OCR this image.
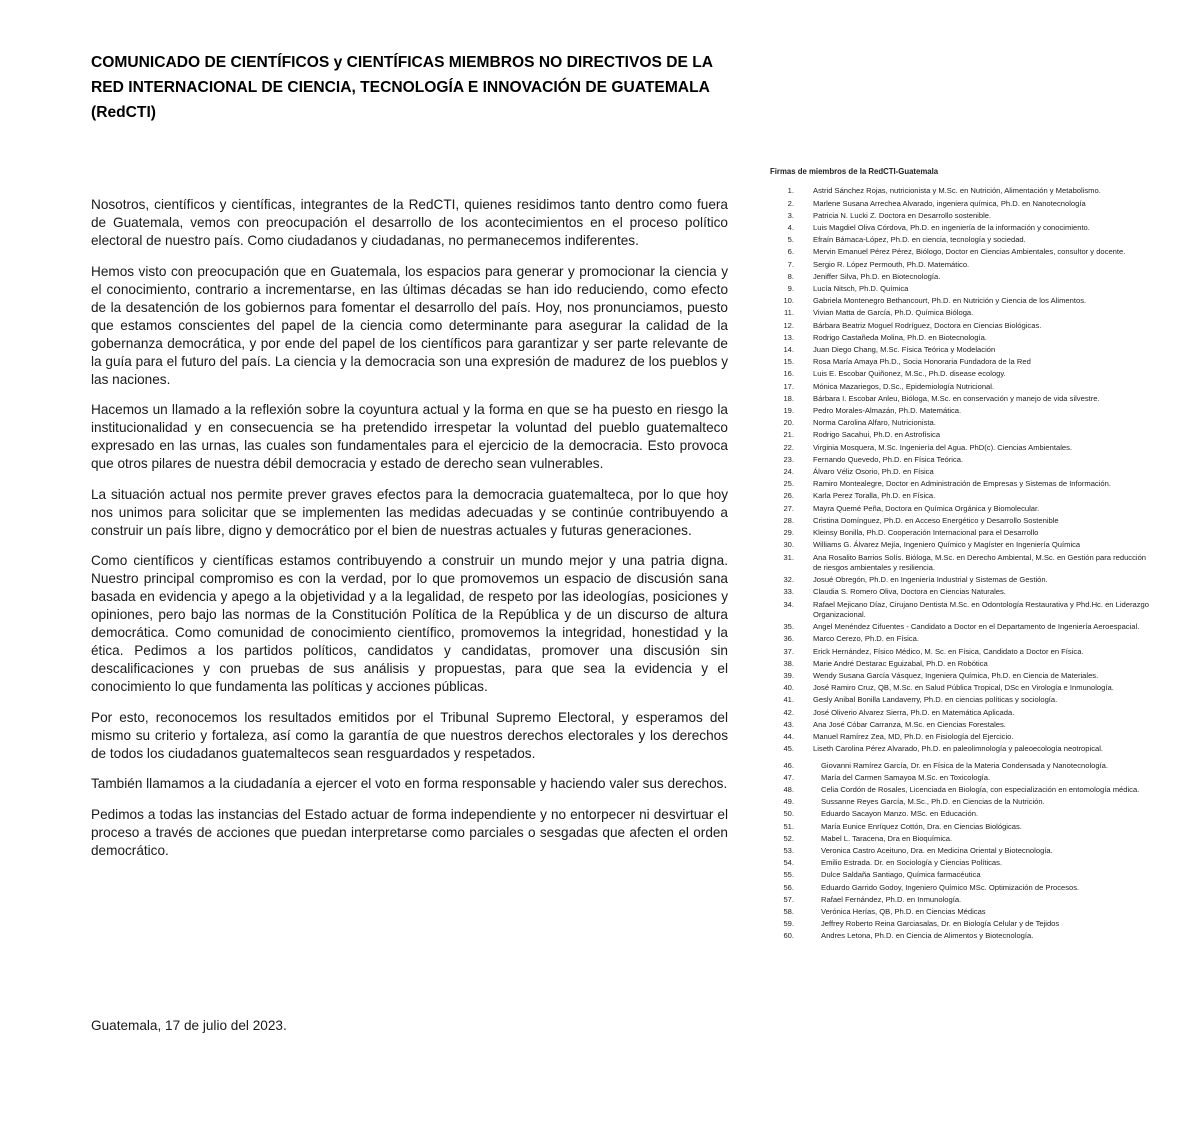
COMUNICADO DE CIENTÍFICOS y CIENTÍFICAS MIEMBROS NO DIRECTIVOS DE LA RED INTERNACIONAL DE CIENCIA, TECNOLOGÍA E INNOVACIÓN DE GUATEMALA (RedCTI)

Nosotros, científicos y científicas, integrantes de la RedCTI, quienes residimos tanto dentro como fuera de Guatemala, vemos con preocupación el desarrollo de los acontecimientos en el proceso político electoral de nuestro país. Como ciudadanos y ciudadanas, no permanecemos indiferentes.

Hemos visto con preocupación que en Guatemala, los espacios para generar y promocionar la ciencia y el conocimiento, contrario a incrementarse, en las últimas décadas se han ido reduciendo, como efecto de la desatención de los gobiernos para fomentar el desarrollo del país. Hoy, nos pronunciamos, puesto que estamos conscientes del papel de la ciencia como determinante para asegurar la calidad de la gobernanza democrática, y por ende del papel de los científicos para garantizar y ser parte relevante de la guía para el futuro del país. La ciencia y la democracia son una expresión de madurez de los pueblos y las naciones.

Hacemos un llamado a la reflexión sobre la coyuntura actual y la forma en que se ha puesto en riesgo la institucionalidad y en consecuencia se ha pretendido irrespetar la voluntad del pueblo guatemalteco expresado en las urnas, las cuales son fundamentales para el ejercicio de la democracia. Esto provoca que otros pilares de nuestra débil democracia y estado de derecho sean vulnerables.

La situación actual nos permite prever graves efectos para la democracia guatemalteca, por lo que hoy nos unimos para solicitar que se implementen las medidas adecuadas y se continúe contribuyendo a construir un país libre, digno y democrático por el bien de nuestras actuales y futuras generaciones.

Como científicos y científicas estamos contribuyendo a construir un mundo mejor y una patria digna. Nuestro principal compromiso es con la verdad, por lo que promovemos un espacio de discusión sana basada en evidencia y apego a la objetividad y a la legalidad, de respeto por las ideologías, posiciones y opiniones, pero bajo las normas de la Constitución Política de la República y de un discurso de altura democrática. Como comunidad de conocimiento científico, promovemos la integridad, honestidad y la ética. Pedimos a los partidos políticos, candidatos y candidatas, promover una discusión sin descalificaciones y con pruebas de sus análisis y propuestas, para que sea la evidencia y el conocimiento lo que fundamenta las políticas y acciones públicas.

Por esto, reconocemos los resultados emitidos por el Tribunal Supremo Electoral, y esperamos del mismo su criterio y fortaleza, así como la garantía de que nuestros derechos electorales y los derechos de todos los ciudadanos guatemaltecos sean resguardados y respetados.

También llamamos a la ciudadanía a ejercer el voto en forma responsable y haciendo valer sus derechos.

Pedimos a todas las instancias del Estado actuar de forma independiente y no entorpecer ni desvirtuar el proceso a través de acciones que puedan interpretarse como parciales o sesgadas que afecten el orden democrático.

Guatemala, 17 de julio del 2023.

Firmas de miembros de la RedCTI-Guatemala

1.	Astrid Sánchez Rojas, nutricionista y M.Sc. en Nutrición, Alimentación y Metabolismo.
2.	Marlene Susana Arrechea Alvarado, ingeniera química, Ph.D. en Nanotecnología
3.	Patricia N. Lucki Z. Doctora en Desarrollo sostenible.
4.	Luis Magdiel Oliva Córdova, Ph.D. en ingeniería de la información y conocimiento.
5.	Efraín Bámaca-López, Ph.D. en ciencia, tecnología y sociedad.
6.	Mervin Emanuel Pérez Pérez, Biólogo, Doctor en Ciencias Ambientales, consultor y docente.
7.	Sergio R. López Permouth, Ph.D. Matemático.
8.	Jeniffer Silva, Ph.D. en Biotecnología.
9.	Lucía Nitsch, Ph.D. Química
10.	Gabriela Montenegro Bethancourt, Ph.D. en Nutrición y Ciencia de los Alimentos.
11.	Vivian Matta de García, Ph.D. Química Bióloga.
12.	Bárbara Beatriz Moguel Rodríguez, Doctora en Ciencias Biológicas.
13.	Rodrigo Castañeda Molina, Ph.D. en Biotecnología.
14.	Juan Diego Chang, M.Sc. Física Teórica y Modelación
15.	Rosa María Amaya Ph.D., Socia Honoraria Fundadora de la Red
16.	Luis E. Escobar Quiñonez, M.Sc., Ph.D. disease ecology.
17.	Mónica Mazariegos, D.Sc., Epidemiología Nutricional.
18.	Bárbara I. Escobar Anleu, Bióloga, M.Sc. en conservación y manejo de vida silvestre.
19.	Pedro Morales-Almazán, Ph.D. Matemática.
20.	Norma Carolina Alfaro, Nutricionista.
21.	Rodrigo Sacahui, Ph.D. en Astrofísica
22.	Virginia Mosquera, M.Sc. Ingeniería del Agua. PhD(c). Ciencias Ambientales.
23.	Fernando Quevedo, Ph.D. en Física Teórica.
24.	Álvaro Véliz Osorio, Ph.D. en Física
25.	Ramiro Montealegre, Doctor en Administración de Empresas y Sistemas de Información.
26.	Karla Perez Toralla, Ph.D. en Física.
27.	Mayra Quemé Peña, Doctora en Química Orgánica y Biomolecular.
28.	Cristina Domínguez, Ph.D. en Acceso Energético y Desarrollo Sostenible
29.	Kleinsy Bonilla, Ph.D. Cooperación Internacional para el Desarrollo
30.	Williams G. Álvarez Mejía, Ingeniero Químico y Magíster en Ingeniería Química
31.	Ana Rosalito Barrios Solís. Bióloga, M.Sc. en Derecho Ambiental, M.Sc. en Gestión para reducción de riesgos ambientales y resiliencia.
32.	Josué Obregón, Ph.D. en Ingeniería Industrial y Sistemas de Gestión.
33.	Claudia S. Romero Oliva, Doctora en Ciencias Naturales.
34.	Rafael Mejicano Díaz, Cirujano Dentista M.Sc. en Odontología Restaurativa y Phd.Hc. en Liderazgo Organizacional.
35.	Angel Menéndez Cifuentes - Candidato a Doctor en el Departamento de Ingeniería Aeroespacial.
36.	Marco Cerezo, Ph.D. en Física.
37.	Erick Hernández, Físico Médico, M. Sc. en Física, Candidato a Doctor en Física.
38.	Marie André Destarac Eguizabal, Ph.D. en Robótica
39.	Wendy Susana García Vásquez, Ingeniera Química, Ph.D. en Ciencia de Materiales.
40.	José Ramiro Cruz, QB, M.Sc. en Salud Pública Tropical, DSc en Virología e Inmunología.
41.	Gesly Anibal Bonilla Landaverry, Ph.D. en ciencias políticas y sociología.
42.	José Oliverio Alvarez Sierra, Ph.D. en Matemática Aplicada.
43.	Ana José Cóbar Carranza, M.Sc. en Ciencias Forestales.
44.	Manuel Ramírez Zea, MD, Ph.D. en Fisiología del Ejercicio.
45.	Liseth Carolina Pérez Alvarado, Ph.D. en paleolimnología y paleoecología neotropical.
46.	Giovanni Ramírez García, Dr. en Física de la Materia Condensada y Nanotecnología.
47.	María del Carmen Samayoa M.Sc. en Toxicología.
48.	Celia Cordón de Rosales, Licenciada en Biología, con especialización en entomología médica.
49.	Sussanne Reyes García, M.Sc., Ph.D. en Ciencias de la Nutrición.
50.	Eduardo Sacayon Manzo. MSc. en Educación.
51.	María Eunice Enríquez Cottón, Dra. en Ciencias Biológicas.
52.	Mabel L. Taracena, Dra en Bioquímica.
53.	Veronica Castro Aceituno, Dra. en Medicina Oriental y Biotecnología.
54.	Emilio Estrada. Dr. en Sociología y Ciencias Políticas.
55.	Dulce Saldaña Santiago, Química farmacéutica
56.	Eduardo Garrido Godoy, Ingeniero Químico MSc. Optimización de Procesos.
57.	Rafael Fernández, Ph.D. en Inmunología.
58.	Verónica Herías, QB, Ph.D. en Ciencias Médicas
59.	Jeffrey Roberto Reina Garciasalas, Dr. en Biología Celular y de Tejidos
60.	Andres Letona, Ph.D. en Ciencia de Alimentos y Biotecnología.
